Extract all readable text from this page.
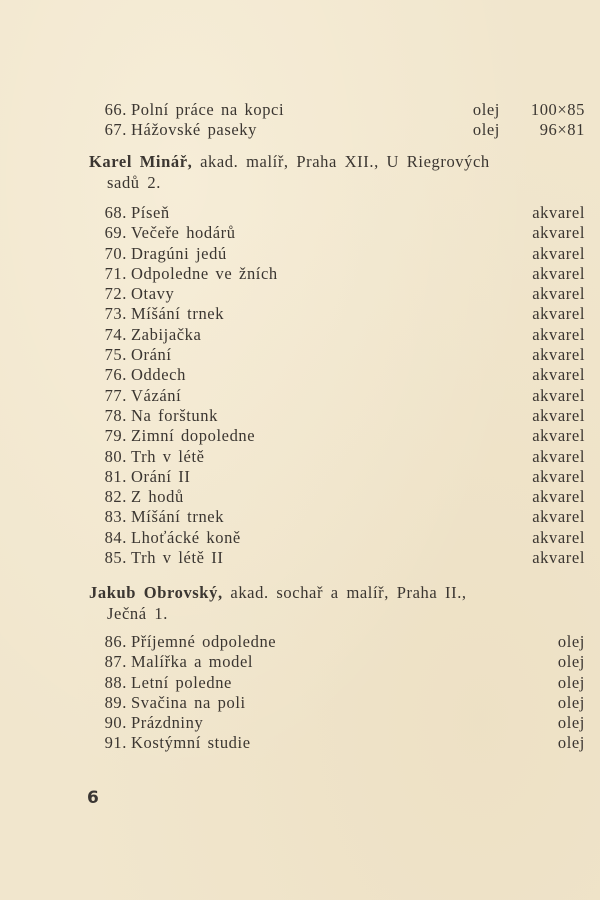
66. Polní práce na kopci	olej 100×85
67. Hážovské paseky	olej 96×81
Karel Minář, akad. malíř, Praha XII., U Riegrových
sadů 2.
68. Píseň	akvarel
69. Večeře hodárů	akvarel
70. Dragúni jedú	akvarel
71. Odpoledne ve žních	akvarel
72. Otavy	akvarel
73. Míšání trnek	akvarel
74. Zabijačka	akvarel
75. Orání	akvarel
76. Oddech	akvarel
77. Vázání	akvarel
78. Na forštunk	akvarel
79. Zimní dopoledne	akvarel
80. Trh v létě	akvarel
81. Orání II	akvarel
82. Z hodů	akvarel
83. Míšání trnek	akvarel
84. Lhoťácké koně	akvarel
85. Trh v létě II	akvarel
Jakub Obrovský, akad. sochař a malíř, Praha II.,
Ječná 1.
86. Příjemné odpoledne	olej
87. Malířka a model	olej
88. Letní poledne	olej
89. Svačina na poli	olej
90. Prázdniny	olej
91. Kostýmní studie	olej
6
